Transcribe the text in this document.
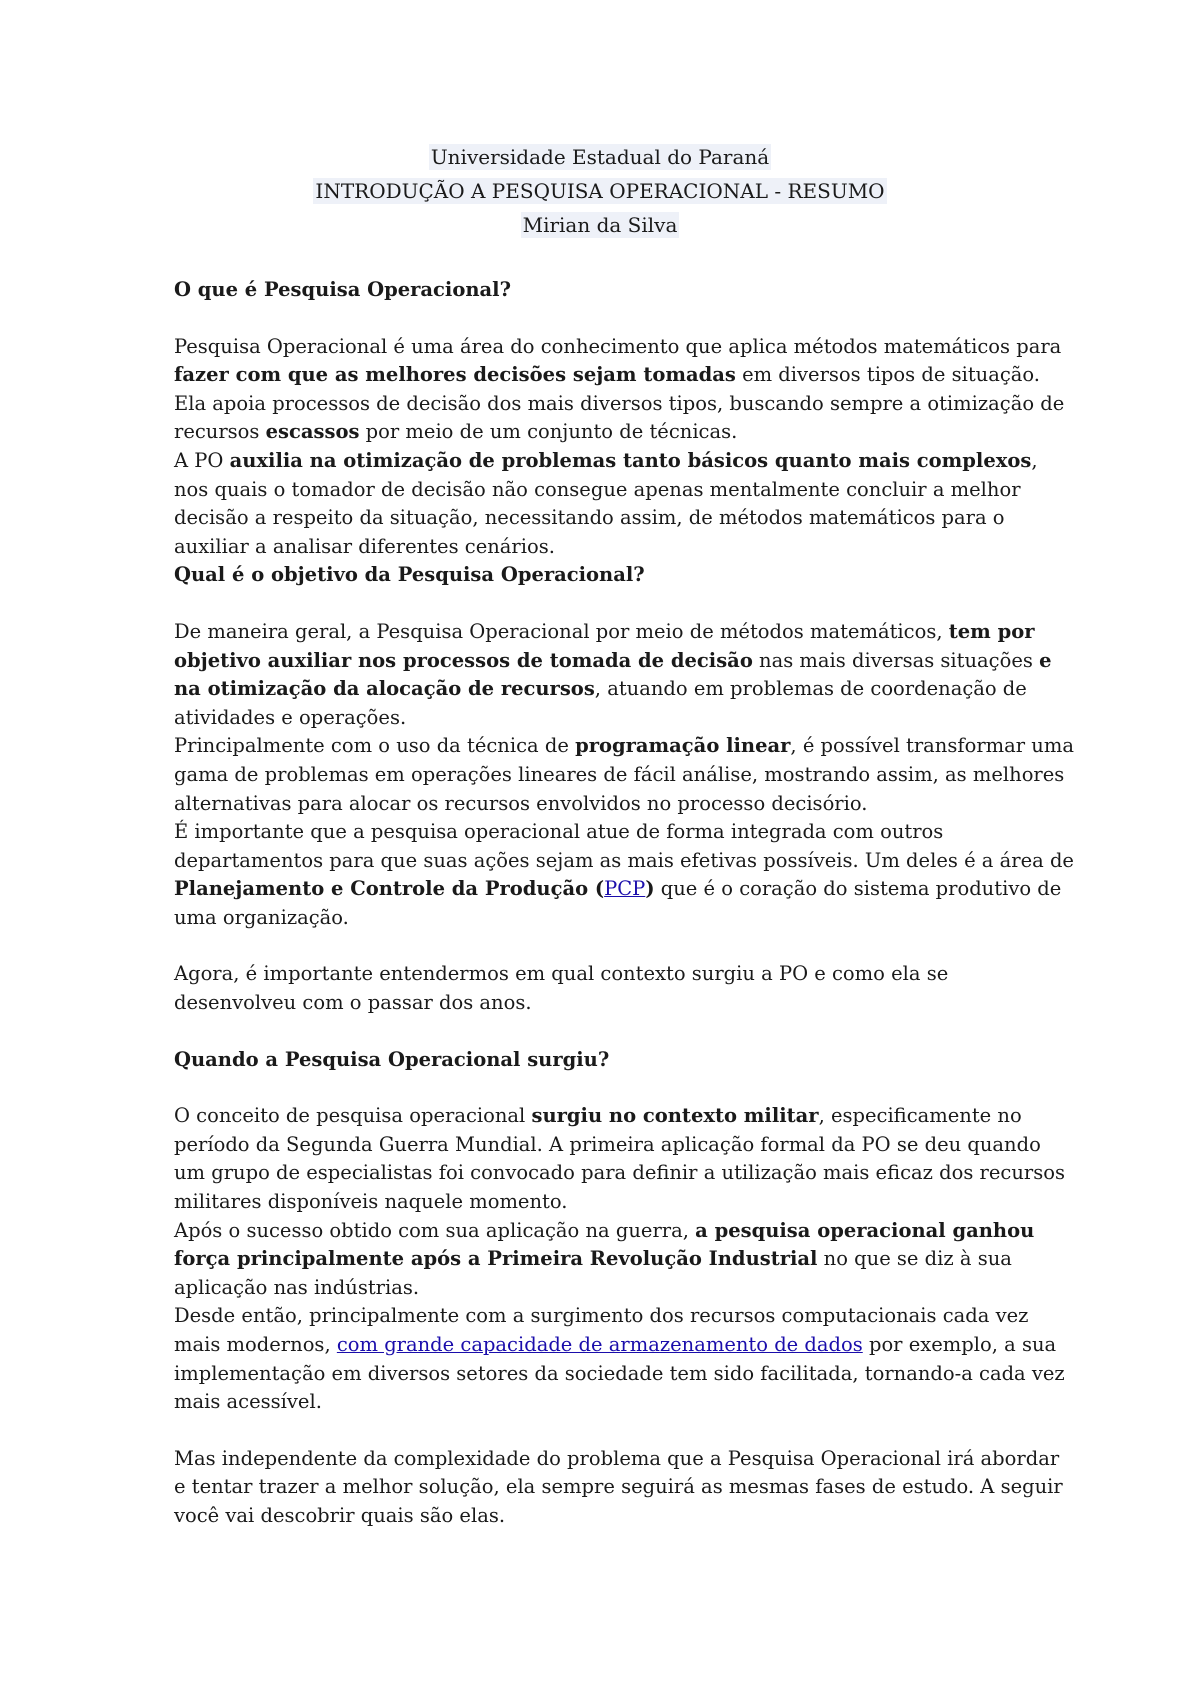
Universidade Estadual do Paraná
INTRODUÇÃO A PESQUISA OPERACIONAL - RESUMO
Mirian da Silva

O que é Pesquisa Operacional?

Pesquisa Operacional é uma área do conhecimento que aplica métodos matemáticos para fazer com que as melhores decisões sejam tomadas em diversos tipos de situação. Ela apoia processos de decisão dos mais diversos tipos, buscando sempre a otimização de recursos escassos por meio de um conjunto de técnicas.

A PO auxilia na otimização de problemas tanto básicos quanto mais complexos, nos quais o tomador de decisão não consegue apenas mentalmente concluir a melhor decisão a respeito da situação, necessitando assim, de métodos matemáticos para o auxiliar a analisar diferentes cenários.

Qual é o objetivo da Pesquisa Operacional?

De maneira geral, a Pesquisa Operacional por meio de métodos matemáticos, tem por objetivo auxiliar nos processos de tomada de decisão nas mais diversas situações e na otimização da alocação de recursos, atuando em problemas de coordenação de atividades e operações.

Principalmente com o uso da técnica de programação linear, é possível transformar uma gama de problemas em operações lineares de fácil análise, mostrando assim, as melhores alternativas para alocar os recursos envolvidos no processo decisório.

É importante que a pesquisa operacional atue de forma integrada com outros departamentos para que suas ações sejam as mais efetivas possíveis. Um deles é a área de Planejamento e Controle da Produção (PCP) que é o coração do sistema produtivo de uma organização.

Agora, é importante entendermos em qual contexto surgiu a PO e como ela se desenvolveu com o passar dos anos.

Quando a Pesquisa Operacional surgiu?

O conceito de pesquisa operacional surgiu no contexto militar, especificamente no período da Segunda Guerra Mundial. A primeira aplicação formal da PO se deu quando um grupo de especialistas foi convocado para definir a utilização mais eficaz dos recursos militares disponíveis naquele momento.

Após o sucesso obtido com sua aplicação na guerra, a pesquisa operacional ganhou força principalmente após a Primeira Revolução Industrial no que se diz à sua aplicação nas indústrias.

Desde então, principalmente com a surgimento dos recursos computacionais cada vez mais modernos, com grande capacidade de armazenamento de dados por exemplo, a sua implementação em diversos setores da sociedade tem sido facilitada, tornando-a cada vez mais acessível.

Mas independente da complexidade do problema que a Pesquisa Operacional irá abordar e tentar trazer a melhor solução, ela sempre seguirá as mesmas fases de estudo. A seguir você vai descobrir quais são elas.
